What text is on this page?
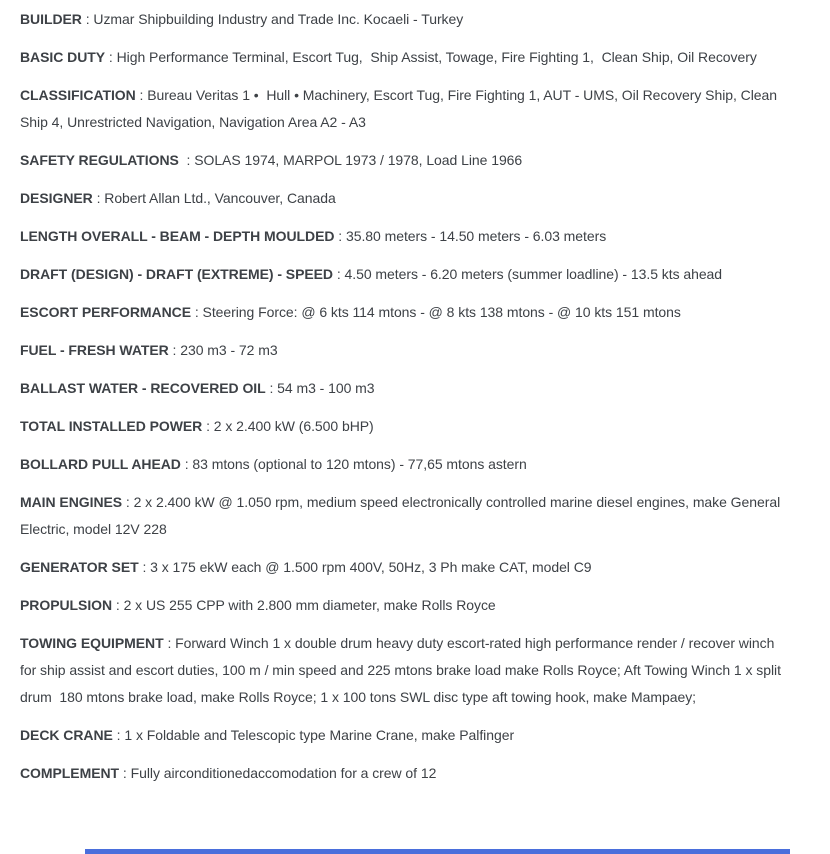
BUILDER : Uzmar Shipbuilding Industry and Trade Inc. Kocaeli - Turkey

BASIC DUTY : High Performance Terminal, Escort Tug,  Ship Assist, Towage, Fire Fighting 1,  Clean Ship, Oil Recovery

CLASSIFICATION : Bureau Veritas 1 •  Hull • Machinery, Escort Tug, Fire Fighting 1, AUT - UMS, Oil Recovery Ship, Clean Ship 4, Unrestricted Navigation, Navigation Area A2 - A3

SAFETY REGULATIONS  : SOLAS 1974, MARPOL 1973 / 1978, Load Line 1966

DESIGNER : Robert Allan Ltd., Vancouver, Canada

LENGTH OVERALL - BEAM - DEPTH MOULDED : 35.80 meters - 14.50 meters - 6.03 meters

DRAFT (DESIGN) - DRAFT (EXTREME) - SPEED : 4.50 meters - 6.20 meters (summer loadline) - 13.5 kts ahead

ESCORT PERFORMANCE : Steering Force: @ 6 kts 114 mtons - @ 8 kts 138 mtons - @ 10 kts 151 mtons

FUEL - FRESH WATER : 230 m3 - 72 m3

BALLAST WATER - RECOVERED OIL : 54 m3 - 100 m3

TOTAL INSTALLED POWER : 2 x 2.400 kW (6.500 bHP)

BOLLARD PULL AHEAD : 83 mtons (optional to 120 mtons) - 77,65 mtons astern

MAIN ENGINES : 2 x 2.400 kW @ 1.050 rpm, medium speed electronically controlled marine diesel engines, make General Electric, model 12V 228

GENERATOR SET : 3 x 175 ekW each @ 1.500 rpm 400V, 50Hz, 3 Ph make CAT, model C9

PROPULSION : 2 x US 255 CPP with 2.800 mm diameter, make Rolls Royce

TOWING EQUIPMENT : Forward Winch 1 x double drum heavy duty escort-rated high performance render / recover winch for ship assist and escort duties, 100 m / min speed and 225 mtons brake load make Rolls Royce; Aft Towing Winch 1 x split drum  180 mtons brake load, make Rolls Royce; 1 x 100 tons SWL disc type aft towing hook, make Mampaey;

DECK CRANE : 1 x Foldable and Telescopic type Marine Crane, make Palfinger

COMPLEMENT : Fully airconditionedaccomodation for a crew of 12
